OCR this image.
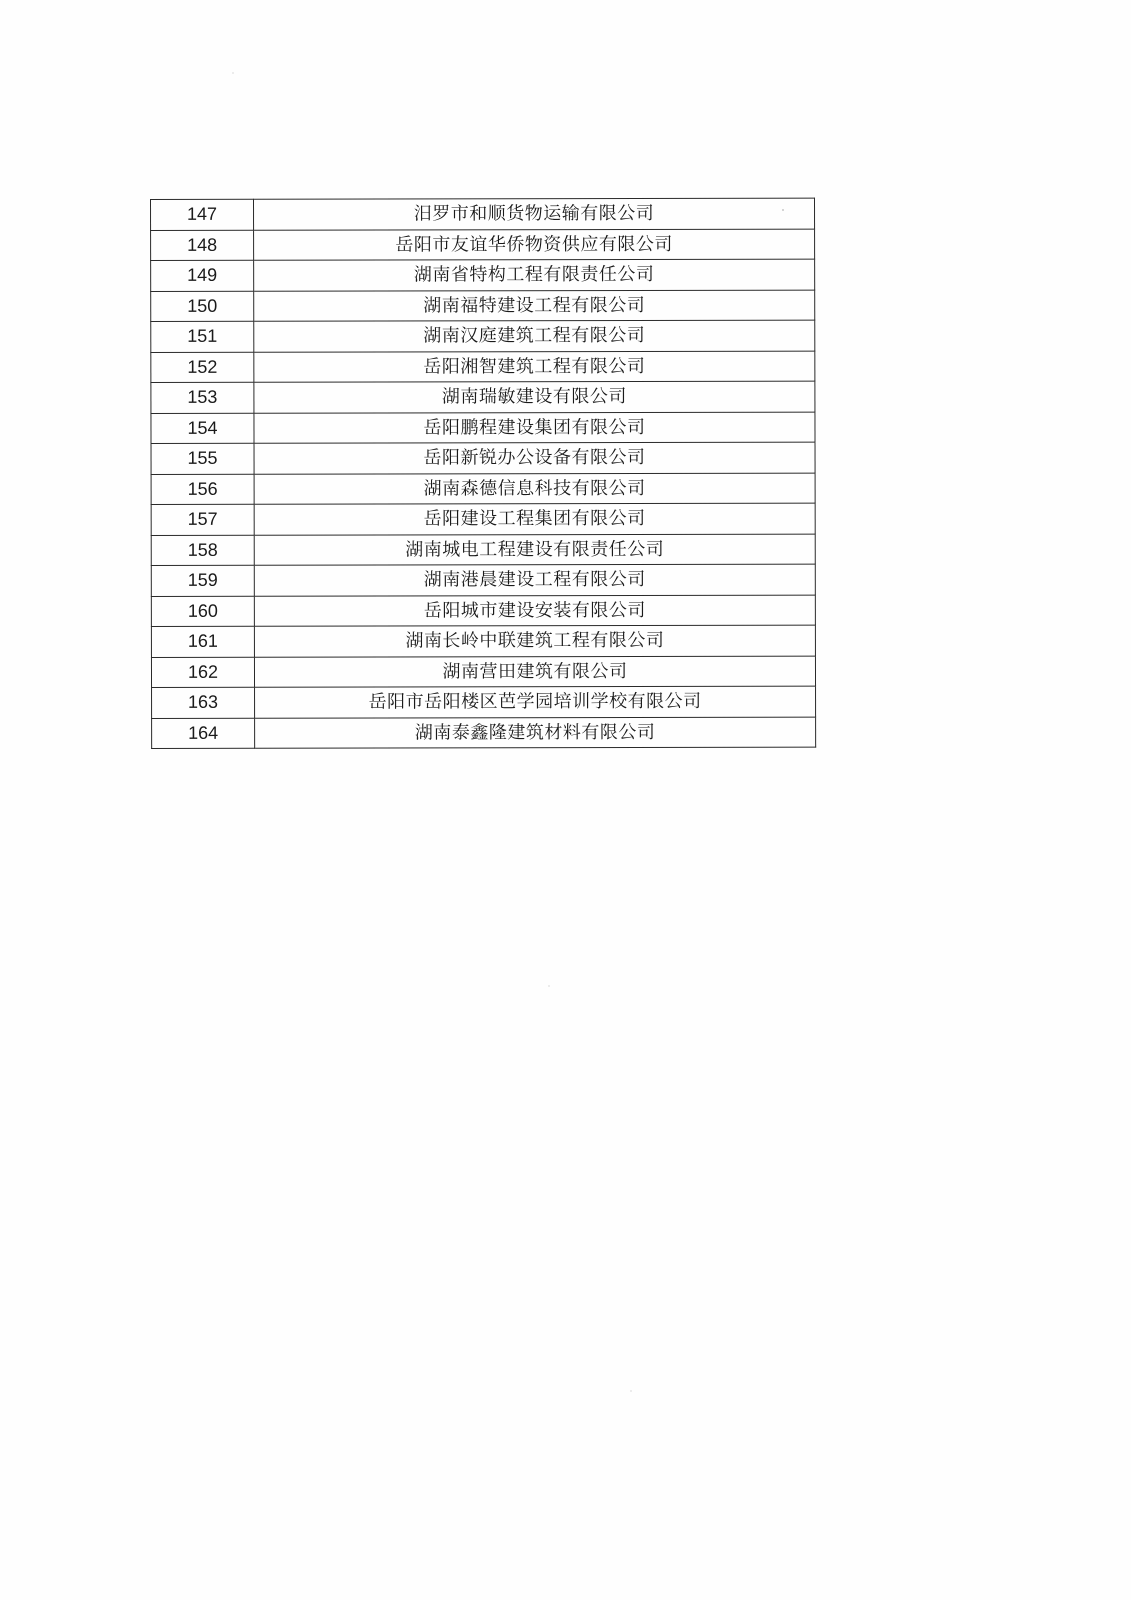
147	汨罗市和顺货物运输有限公司
148	岳阳市友谊华侨物资供应有限公司
149	湖南省特构工程有限责任公司
150	湖南福特建设工程有限公司
151	湖南汉庭建筑工程有限公司
152	岳阳湘智建筑工程有限公司
153	湖南瑞敏建设有限公司
154	岳阳鹏程建设集团有限公司
155	岳阳新锐办公设备有限公司
156	湖南森德信息科技有限公司
157	岳阳建设工程集团有限公司
158	湖南城电工程建设有限责任公司
159	湖南港晨建设工程有限公司
160	岳阳城市建设安装有限公司
161	湖南长岭中联建筑工程有限公司
162	湖南营田建筑有限公司
163	岳阳市岳阳楼区芭学园培训学校有限公司
164	湖南泰鑫隆建筑材料有限公司
